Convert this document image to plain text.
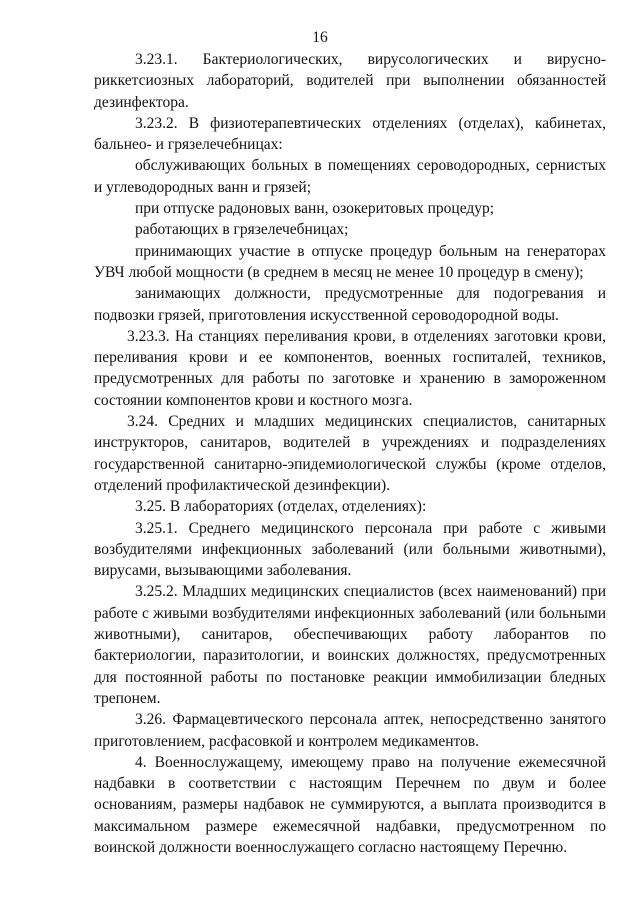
16

3.23.1. Бактериологических, вирусологических и вирусно-риккетсиозных лабораторий, водителей при выполнении обязанностей дезинфектора.

3.23.2. В физиотерапевтических отделениях (отделах), кабинетах, бальнео- и грязелечебницах:

обслуживающих больных в помещениях сероводородных, сернистых и углеводородных ванн и грязей;

при отпуске радоновых ванн, озокеритовых процедур;

работающих в грязелечебницах;

принимающих участие в отпуске процедур больным на генераторах УВЧ любой мощности (в среднем в месяц не менее 10 процедур в смену);

занимающих должности, предусмотренные для подогревания и подвозки грязей, приготовления искусственной сероводородной воды.

3.23.3. На станциях переливания крови, в отделениях заготовки крови, переливания крови и ее компонентов, военных госпиталей, техников, предусмотренных для работы по заготовке и хранению в замороженном состоянии компонентов крови и костного мозга.

3.24. Средних и младших медицинских специалистов, санитарных инструкторов, санитаров, водителей в учреждениях и подразделениях государственной санитарно-эпидемиологической службы (кроме отделов, отделений профилактической дезинфекции).

3.25. В лабораториях (отделах, отделениях):

3.25.1. Среднего медицинского персонала при работе с живыми возбудителями инфекционных заболеваний (или больными животными), вирусами, вызывающими заболевания.

3.25.2. Младших медицинских специалистов (всех наименований) при работе с живыми возбудителями инфекционных заболеваний (или больными животными), санитаров, обеспечивающих работу лаборантов по бактериологии, паразитологии, и воинских должностях, предусмотренных для постоянной работы по постановке реакции иммобилизации бледных трепонем.

3.26. Фармацевтического персонала аптек, непосредственно занятого приготовлением, расфасовкой и контролем медикаментов.

4. Военнослужащему, имеющему право на получение ежемесячной надбавки в соответствии с настоящим Перечнем по двум и более основаниям, размеры надбавок не суммируются, а выплата производится в максимальном размере ежемесячной надбавки, предусмотренном по воинской должности военнослужащего согласно настоящему Перечню.
